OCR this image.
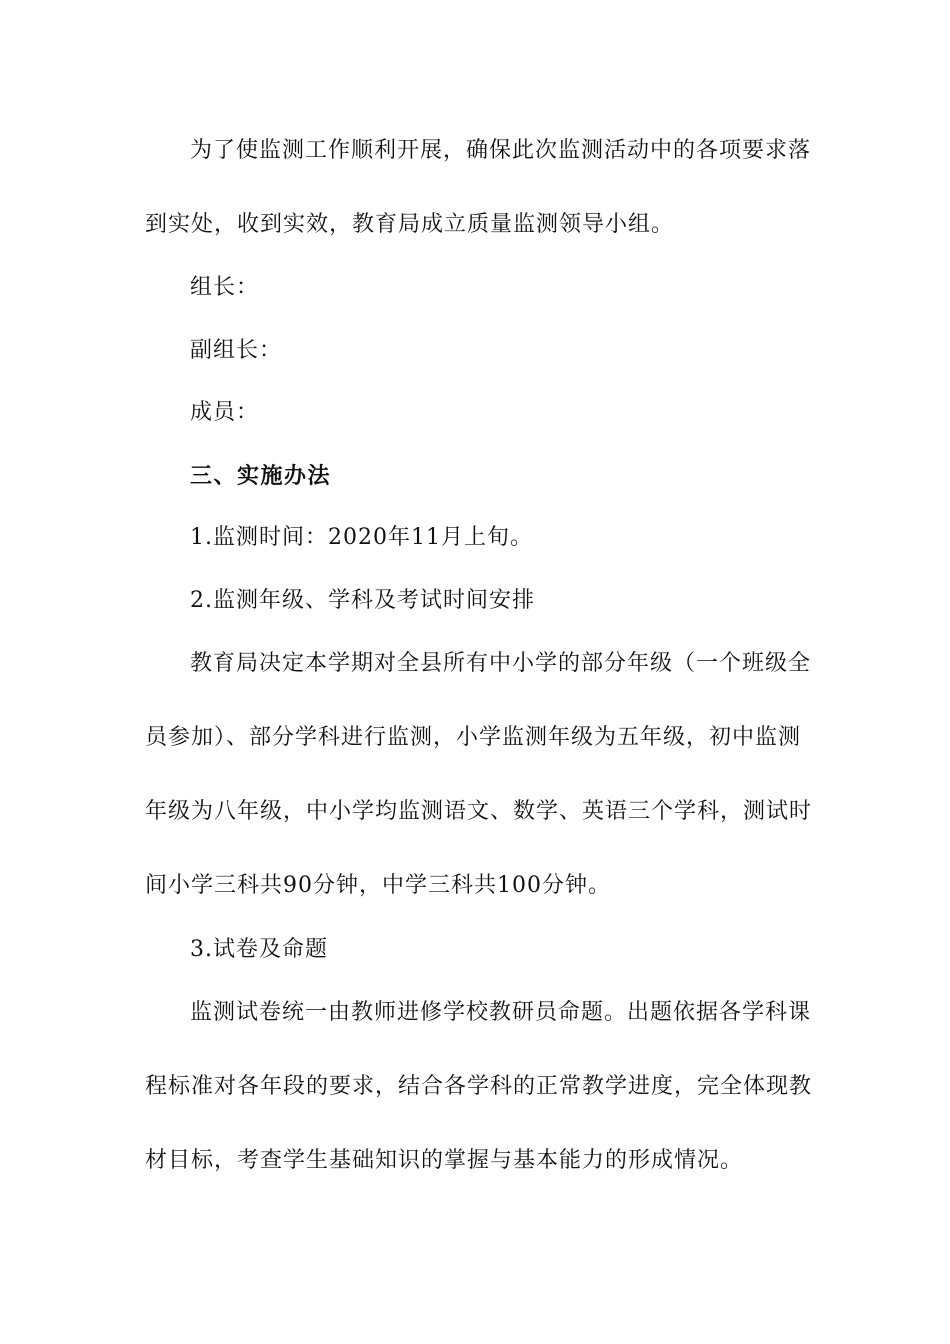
为了使监测工作顺利开展，确保此次监测活动中的各项要求落
到实处，收到实效，教育局成立质量监测领导小组。
组长：
副组长：
成员：
三、实施办法
1.监测时间：2020年11月上旬。
2.监测年级、学科及考试时间安排
教育局决定本学期对全县所有中小学的部分年级（一个班级全
员参加）、部分学科进行监测，小学监测年级为五年级，初中监测
年级为八年级，中小学均监测语文、数学、英语三个学科，测试时
间小学三科共90分钟，中学三科共100分钟。
3.试卷及命题
监测试卷统一由教师进修学校教研员命题。出题依据各学科课
程标准对各年段的要求，结合各学科的正常教学进度，完全体现教
材目标，考查学生基础知识的掌握与基本能力的形成情况。
